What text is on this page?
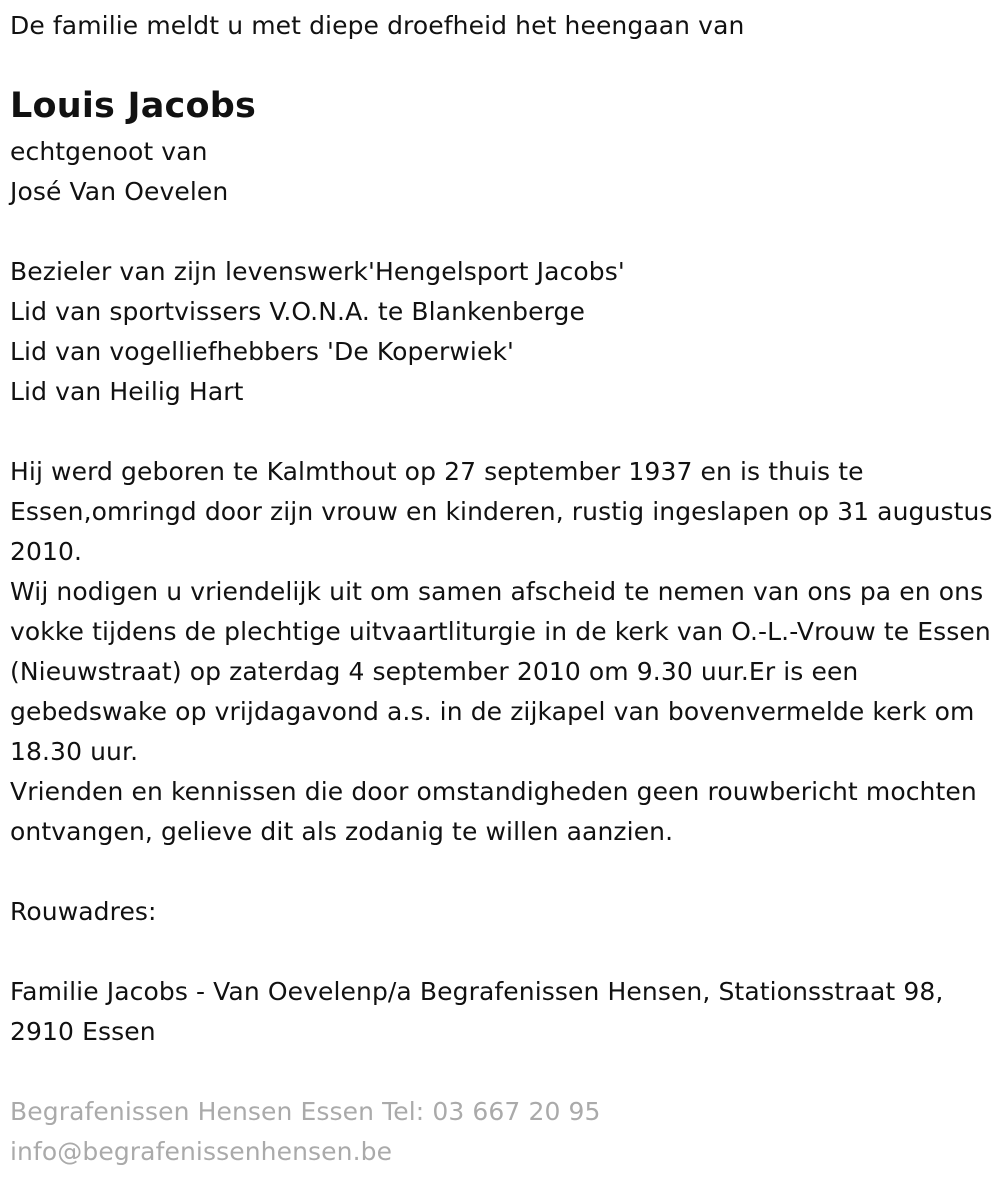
De familie meldt u met diepe droefheid het heengaan van
Louis Jacobs
echtgenoot van
José Van Oevelen
Bezieler van zijn levenswerk'Hengelsport Jacobs'
Lid van sportvissers V.O.N.A. te Blankenberge
Lid van vogelliefhebbers 'De Koperwiek'
Lid van Heilig Hart

Hij werd geboren te Kalmthout op 27 september 1937 en is thuis te Essen,omringd door zijn vrouw en kinderen, rustig ingeslapen op 31 augustus 2010.

Wij nodigen u vriendelijk uit om samen afscheid te nemen van ons pa en ons vokke tijdens de plechtige uitvaartliturgie in de kerk van O.-L.-Vrouw te Essen (Nieuwstraat) op zaterdag 4 september 2010 om 9.30 uur.Er is een gebedswake op vrijdagavond a.s. in de zijkapel van bovenvermelde kerk om 18.30 uur.

Vrienden en kennissen die door omstandigheden geen rouwbericht mochten ontvangen, gelieve dit als zodanig te willen aanzien.

Rouwadres:

Familie Jacobs - Van Oevelenp/a Begrafenissen Hensen, Stationsstraat 98, 2910 Essen

Begrafenissen Hensen Essen Tel: 03 667 20 95
info@begrafenissenhensen.be
